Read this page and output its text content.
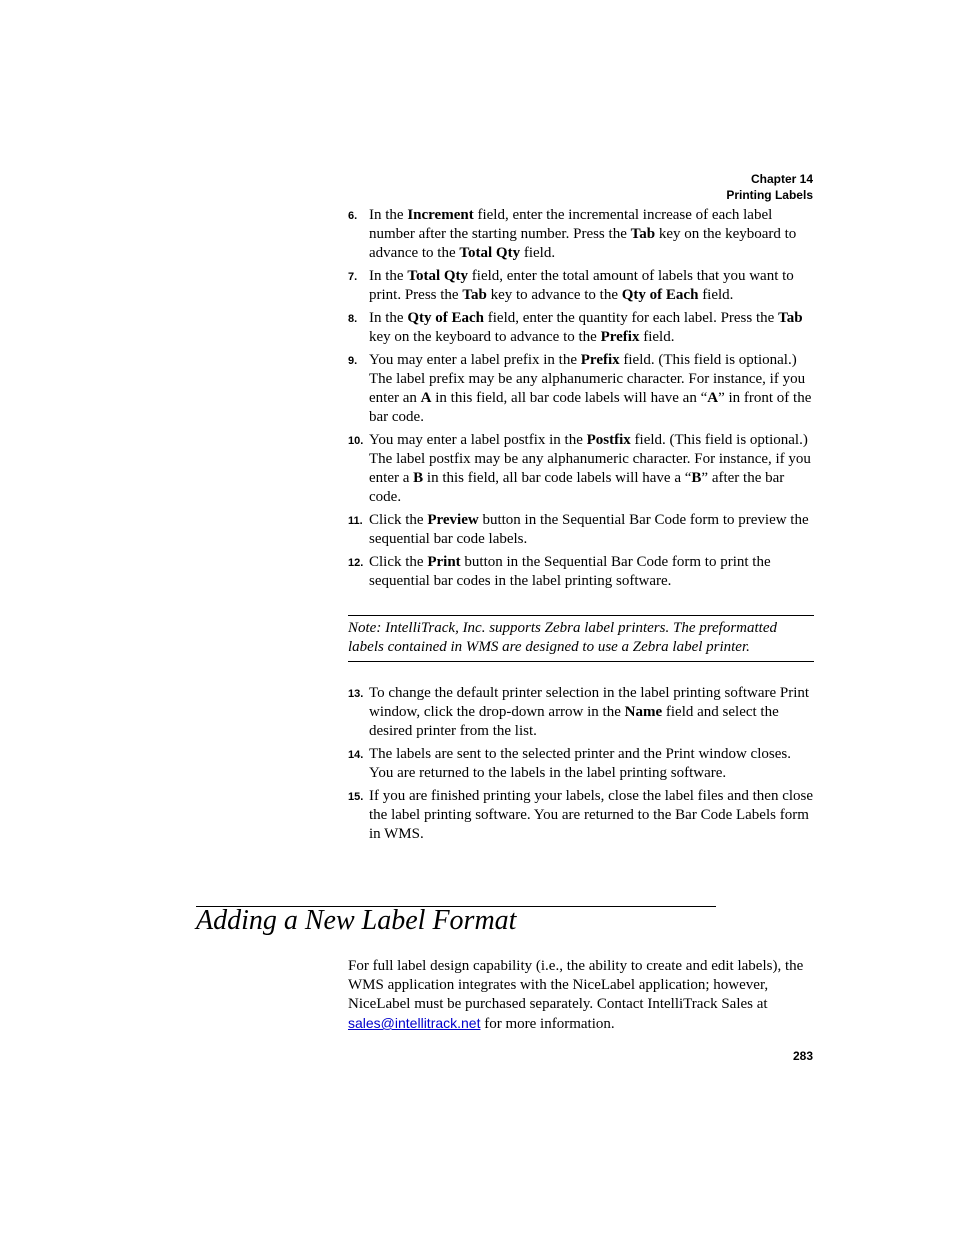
Chapter 14
Printing Labels
6. In the Increment field, enter the incremental increase of each label number after the starting number. Press the Tab key on the keyboard to advance to the Total Qty field.
7. In the Total Qty field, enter the total amount of labels that you want to print. Press the Tab key to advance to the Qty of Each field.
8. In the Qty of Each field, enter the quantity for each label. Press the Tab key on the keyboard to advance to the Prefix field.
9. You may enter a label prefix in the Prefix field. (This field is optional.) The label prefix may be any alphanumeric character. For instance, if you enter an A in this field, all bar code labels will have an “A” in front of the bar code.
10. You may enter a label postfix in the Postfix field. (This field is optional.) The label postfix may be any alphanumeric character. For instance, if you enter a B in this field, all bar code labels will have a “B” after the bar code.
11. Click the Preview button in the Sequential Bar Code form to preview the sequential bar code labels.
12. Click the Print button in the Sequential Bar Code form to print the sequential bar codes in the label printing software.
Note: IntelliTrack, Inc. supports Zebra label printers. The preformatted labels contained in WMS are designed to use a Zebra label printer.
13. To change the default printer selection in the label printing software Print window, click the drop-down arrow in the Name field and select the desired printer from the list.
14. The labels are sent to the selected printer and the Print window closes. You are returned to the labels in the label printing software.
15. If you are finished printing your labels, close the label files and then close the label printing software. You are returned to the Bar Code Labels form in WMS.
Adding a New Label Format
For full label design capability (i.e., the ability to create and edit labels), the WMS application integrates with the NiceLabel application; however, NiceLabel must be purchased separately. Contact IntelliTrack Sales at sales@intellitrack.net for more information.
283
